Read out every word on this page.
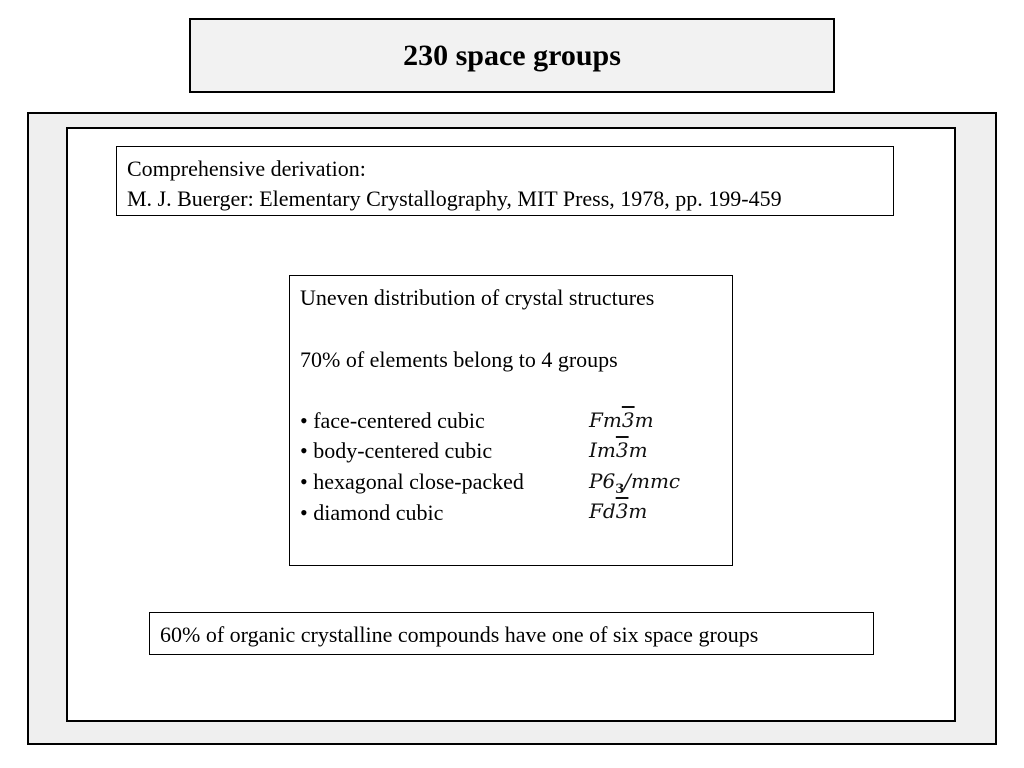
230 space groups
Comprehensive derivation:
M. J. Buerger: Elementary Crystallography, MIT Press, 1978, pp. 199-459
Uneven distribution of crystal structures
70% of elements belong to 4 groups
• face-centered cubic	Fm3m
• body-centered cubic	Im3m
• hexagonal close-packed	$P6_3$/mmc
• diamond cubic	Fd3m
60% of organic crystalline compounds have one of six space groups
